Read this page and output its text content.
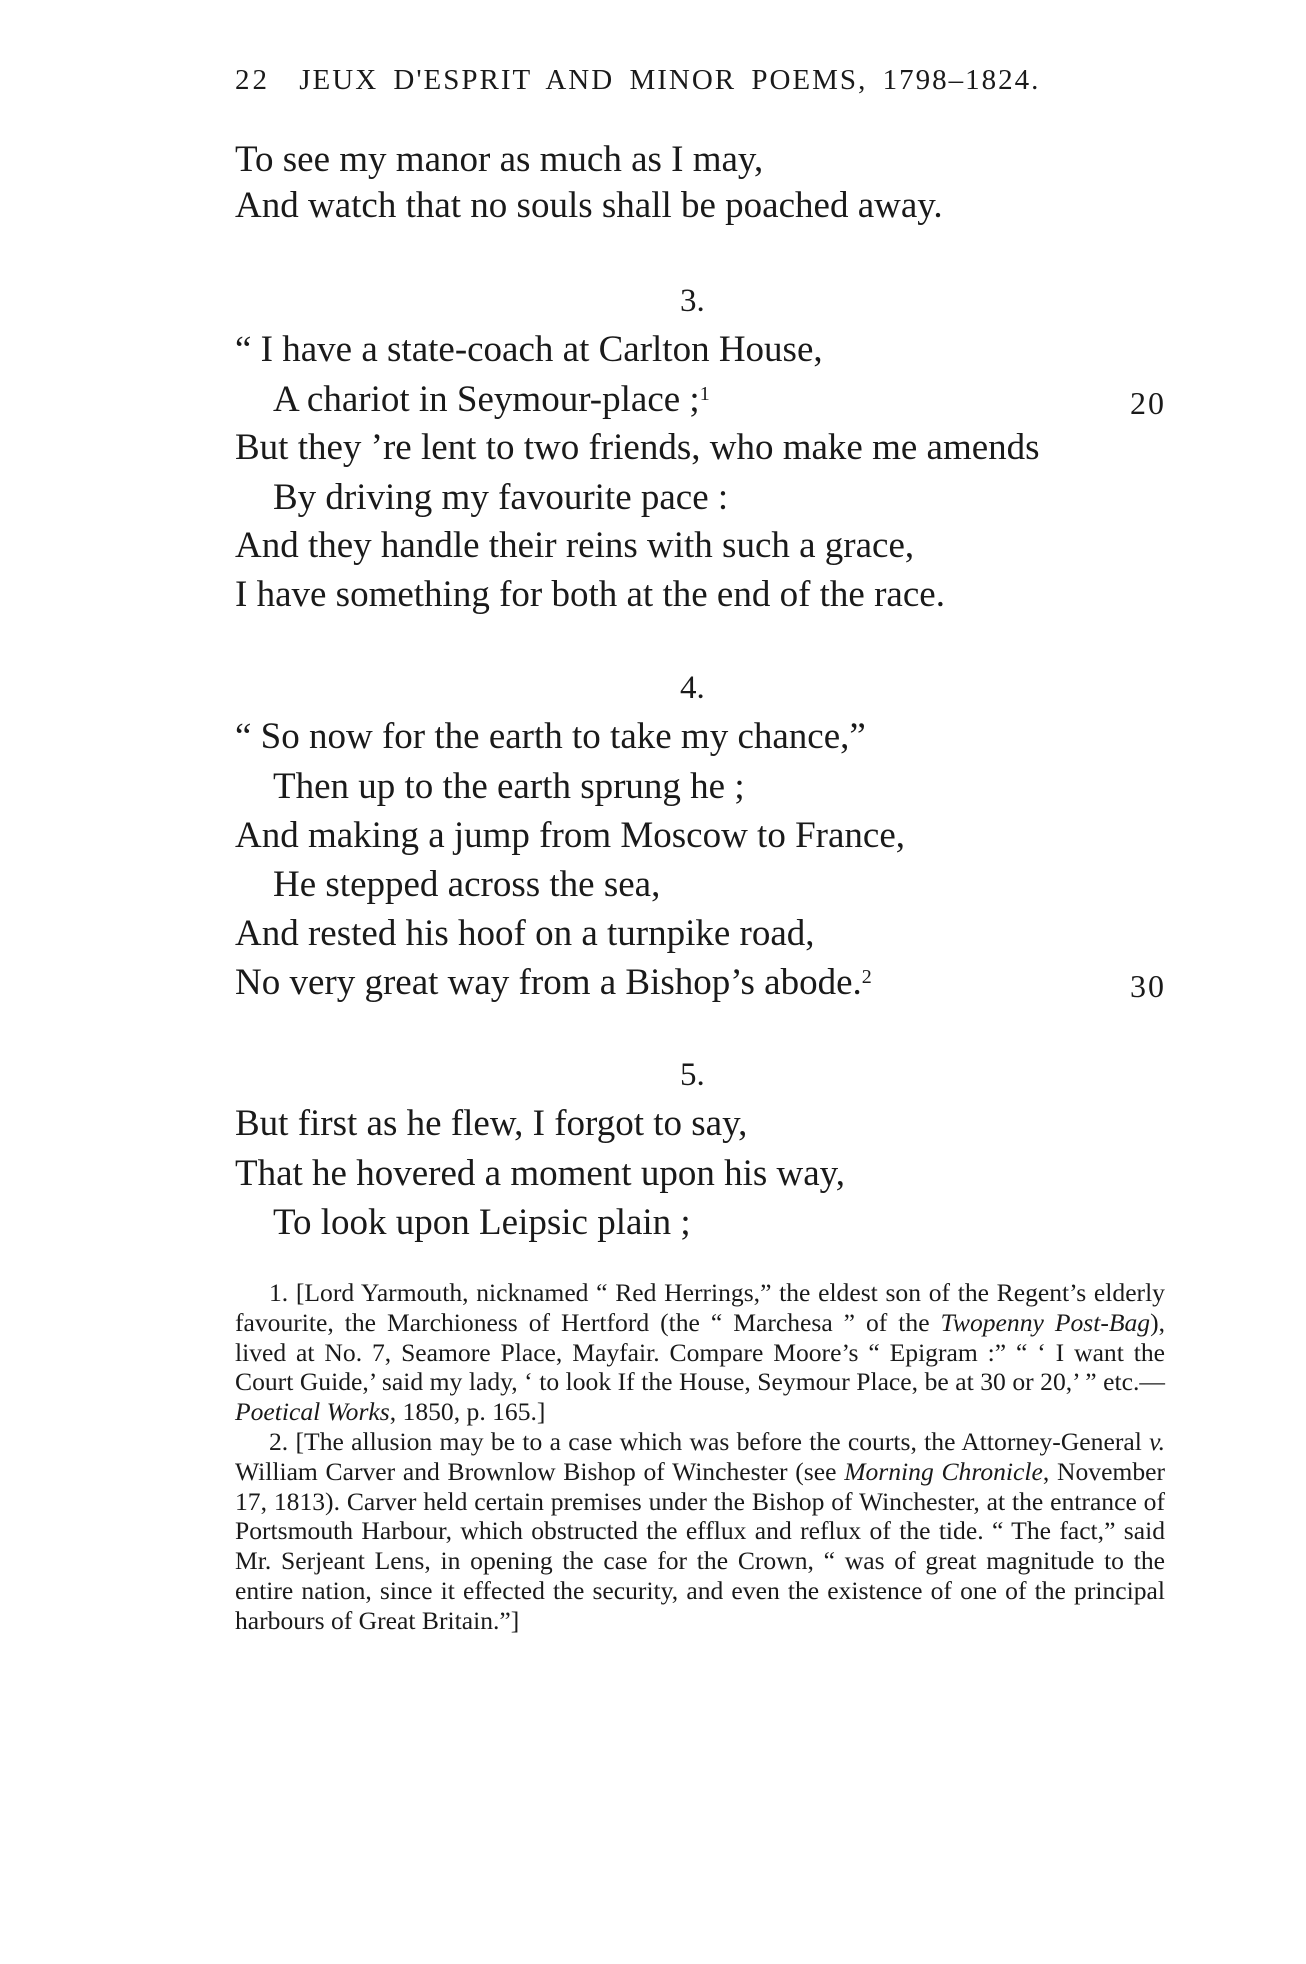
22 JEUX D'ESPRIT AND MINOR POEMS, 1798–1824.
To see my manor as much as I may,
And watch that no souls shall be poached away.
3.
“ I have a state-coach at Carlton House,
A chariot in Seymour-place ;$^1$	20
But they ’re lent to two friends, who make me amends
By driving my favourite pace :
And they handle their reins with such a grace,
I have something for both at the end of the race.
4.
“ So now for the earth to take my chance,”
Then up to the earth sprung he ;
And making a jump from Moscow to France,
He stepped across the sea,
And rested his hoof on a turnpike road,
No very great way from a Bishop’s abode.$^2$	30
5.
But first as he flew, I forgot to say,
That he hovered a moment upon his way,
To look upon Leipsic plain ;

1. [Lord Yarmouth, nicknamed “ Red Herrings,” the eldest son of the Regent’s elderly favourite, the Marchioness of Hertford (the “ Marchesa ” of the Twopenny Post-Bag), lived at No. 7, Seamore Place, Mayfair. Compare Moore’s “ Epigram :” “ ‘ I want the Court Guide,’ said my lady, ‘ to look If the House, Seymour Place, be at 30 or 20,’ ” etc.—Poetical Works, 1850, p. 165.]

2. [The allusion may be to a case which was before the courts, the Attorney-General v. William Carver and Brownlow Bishop of Winchester (see Morning Chronicle, November 17, 1813). Carver held certain premises under the Bishop of Winchester, at the entrance of Portsmouth Harbour, which obstructed the efflux and reflux of the tide. “ The fact,” said Mr. Serjeant Lens, in opening the case for the Crown, “ was of great magnitude to the entire nation, since it effected the security, and even the existence of one of the principal harbours of Great Britain.”]
